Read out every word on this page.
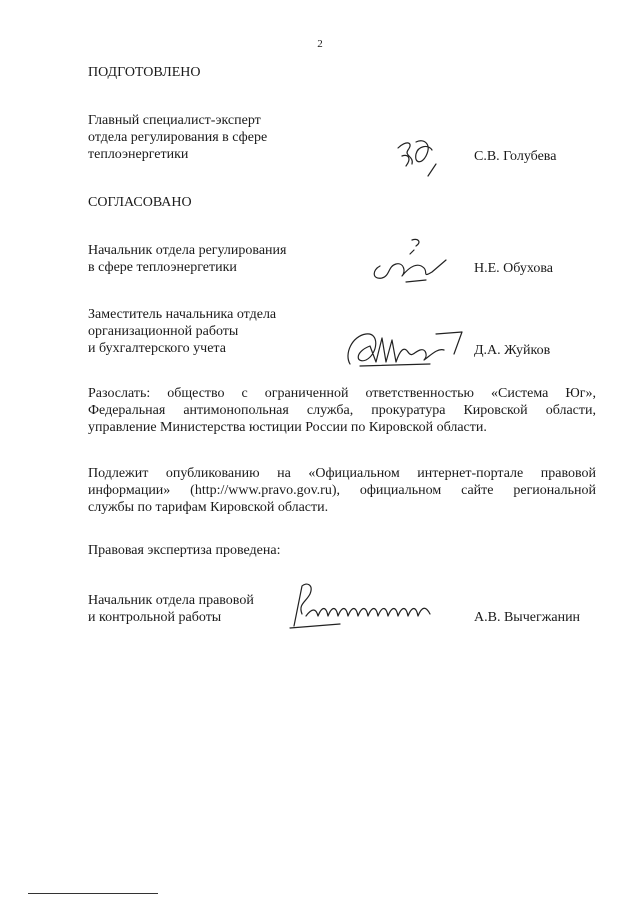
2
ПОДГОТОВЛЕНО
Главный специалист-эксперт
отдела регулирования в сфере
теплоэнергетики	С.В. Голубева
СОГЛАСОВАНО
Начальник отдела регулирования
в сфере теплоэнергетики	Н.Е. Обухова
Заместитель начальника отдела
организационной работы
и бухгалтерского учета	Д.А. Жуйков
Разослать: общество с ограниченной ответственностью «Система Юг»,
Федеральная антимонопольная служба, прокуратура Кировской области,
управление Министерства юстиции России по Кировской области.
Подлежит опубликованию на «Официальном интернет-портале правовой
информации» (http://www.pravo.gov.ru), официальном сайте региональной
службы по тарифам Кировской области.
Правовая экспертиза проведена:
Начальник отдела правовой
и контрольной работы	А.В. Вычегжанин
